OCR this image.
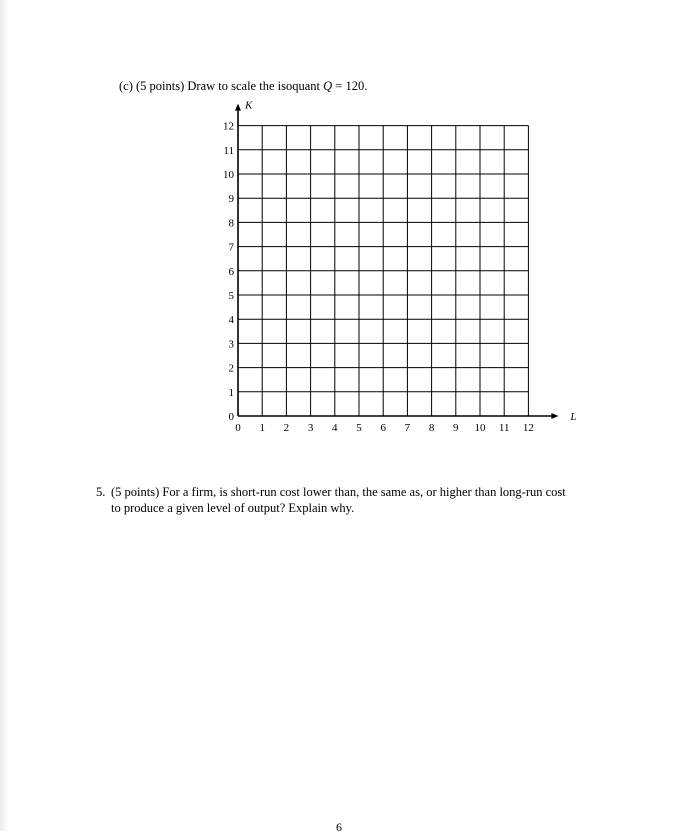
(c) (5 points) Draw to scale the isoquant Q = 120.
0 1 2 3 4 5 6 7 8 9 10 11 12
0
1
2
3
4
5
6
7
8
9
10
11
12
L
K
5. (5 points) For a firm, is short-run cost lower than, the same as, or higher than long-run cost
to produce a given level of output? Explain why.
6
